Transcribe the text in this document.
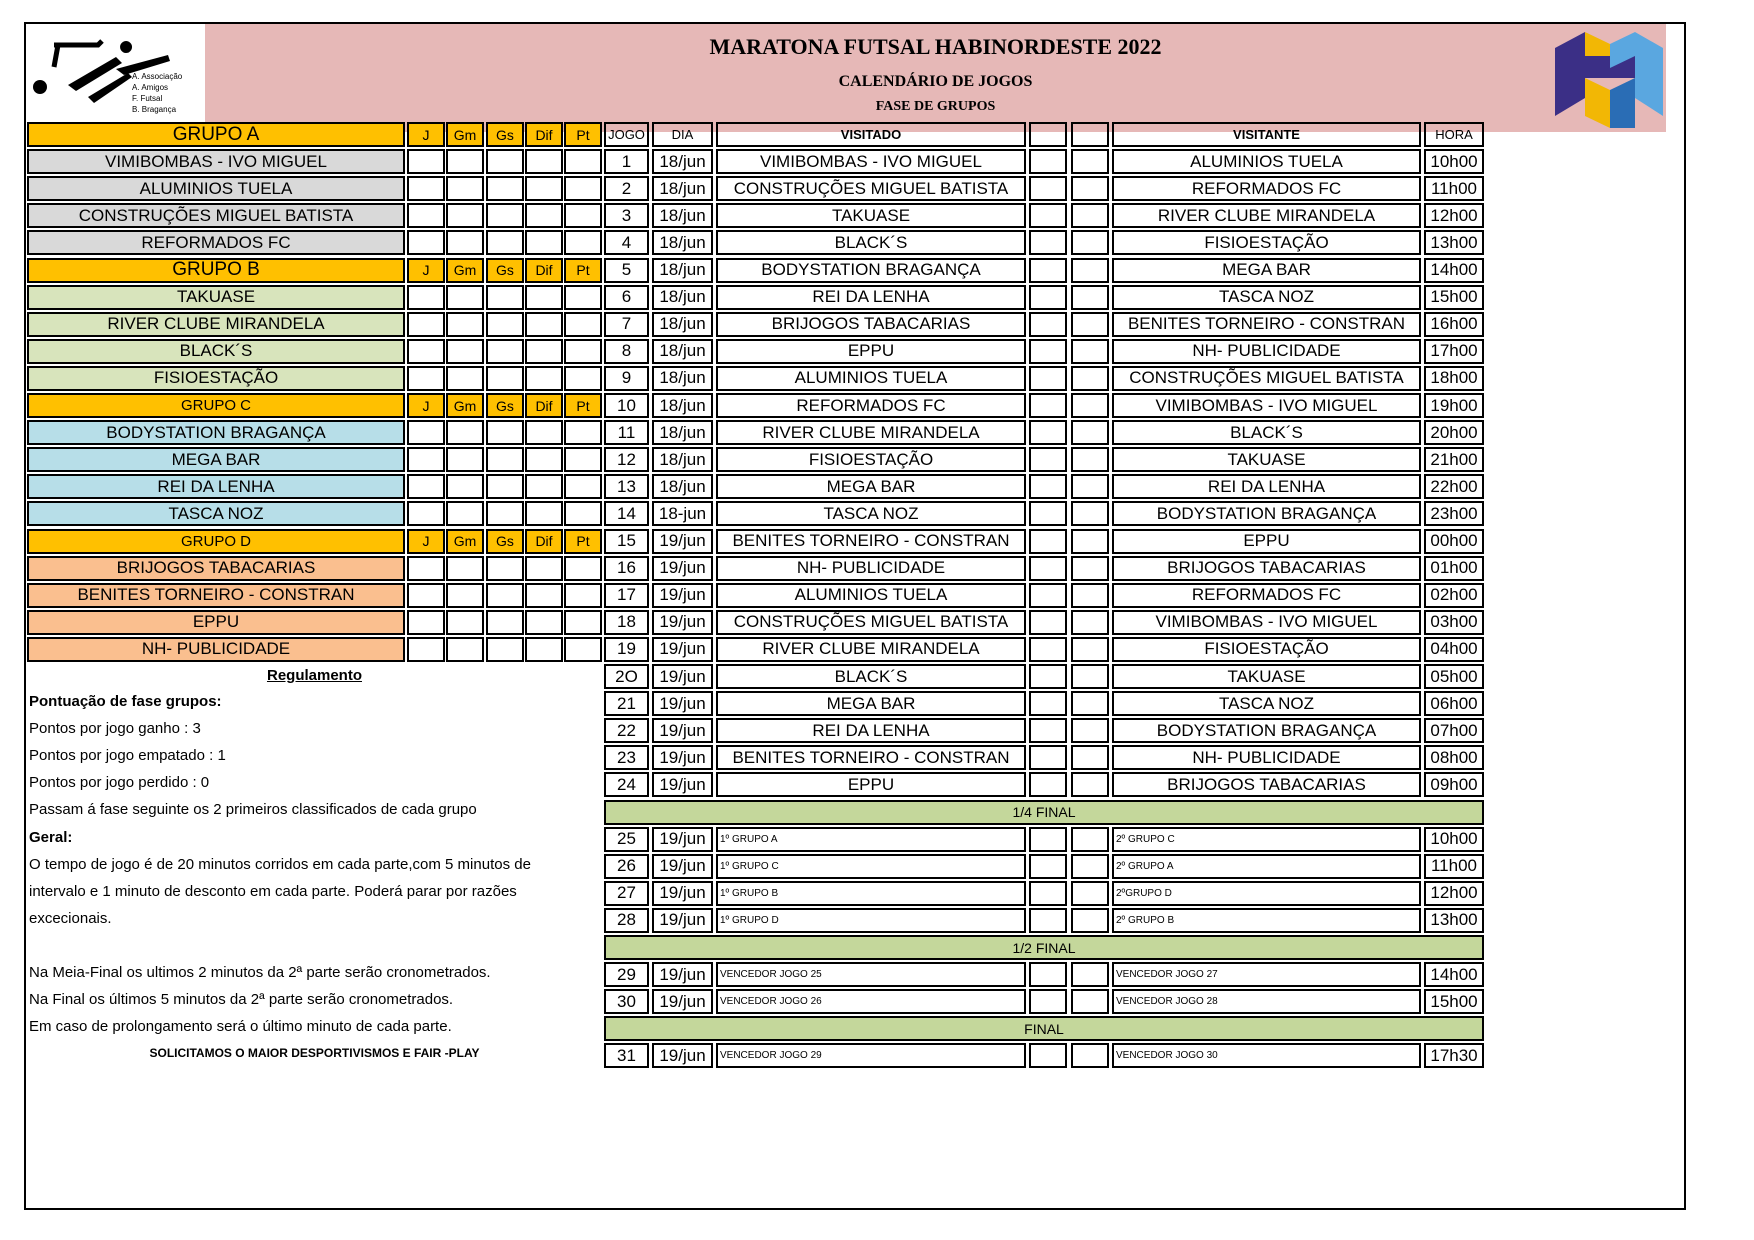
A. Associação
A. Amigos
F. Futsal
B. Bragança
MARATONA FUTSAL HABINORDESTE 2022
CALENDÁRIO DE JOGOS
FASE DE GRUPOS
GRUPO A	J	Gm	Gs	Dif	Pt
VIMIBOMBAS - IVO MIGUEL
ALUMINIOS TUELA
CONSTRUÇÕES MIGUEL BATISTA
REFORMADOS FC
GRUPO B	J	Gm	Gs	Dif	Pt
TAKUASE
RIVER CLUBE MIRANDELA
BLACK´S
FISIOESTAÇÃO
GRUPO C	J	Gm	Gs	Dif	Pt
BODYSTATION BRAGANÇA
MEGA BAR
REI DA LENHA
TASCA NOZ
GRUPO D	J	Gm	Gs	Dif	Pt
BRIJOGOS TABACARIAS
BENITES TORNEIRO - CONSTRAN
EPPU
NH- PUBLICIDADE
JOGO	DIA	VISITADO	VISITANTE	HORA
1	18/jun	VIMIBOMBAS - IVO MIGUEL	ALUMINIOS TUELA	10h00
2	18/jun	CONSTRUÇÕES MIGUEL BATISTA	REFORMADOS FC	11h00
3	18/jun	TAKUASE	RIVER CLUBE MIRANDELA	12h00
4	18/jun	BLACK´S	FISIOESTAÇÃO	13h00
5	18/jun	BODYSTATION BRAGANÇA	MEGA BAR	14h00
6	18/jun	REI DA LENHA	TASCA NOZ	15h00
7	18/jun	BRIJOGOS TABACARIAS	BENITES TORNEIRO - CONSTRAN	16h00
8	18/jun	EPPU	NH- PUBLICIDADE	17h00
9	18/jun	ALUMINIOS TUELA	CONSTRUÇÕES MIGUEL BATISTA	18h00
10	18/jun	REFORMADOS FC	VIMIBOMBAS - IVO MIGUEL	19h00
11	18/jun	RIVER CLUBE MIRANDELA	BLACK´S	20h00
12	18/jun	FISIOESTAÇÃO	TAKUASE	21h00
13	18/jun	MEGA BAR	REI DA LENHA	22h00
14	18-jun	TASCA NOZ	BODYSTATION BRAGANÇA	23h00
15	19/jun	BENITES TORNEIRO - CONSTRAN	EPPU	00h00
16	19/jun	NH- PUBLICIDADE	BRIJOGOS TABACARIAS	01h00
17	19/jun	ALUMINIOS TUELA	REFORMADOS FC	02h00
18	19/jun	CONSTRUÇÕES MIGUEL BATISTA	VIMIBOMBAS - IVO MIGUEL	03h00
19	19/jun	RIVER CLUBE MIRANDELA	FISIOESTAÇÃO	04h00
2O	19/jun	BLACK´S	TAKUASE	05h00
21	19/jun	MEGA BAR	TASCA NOZ	06h00
22	19/jun	REI DA LENHA	BODYSTATION BRAGANÇA	07h00
23	19/jun	BENITES TORNEIRO - CONSTRAN	NH- PUBLICIDADE	08h00
24	19/jun	EPPU	BRIJOGOS TABACARIAS	09h00
1/4 FINAL
25	19/jun	1º GRUPO A	2º GRUPO C	10h00
26	19/jun	1º GRUPO C	2º GRUPO A	11h00
27	19/jun	1º GRUPO B	2ºGRUPO D	12h00
28	19/jun	1º GRUPO D	2º GRUPO B	13h00
1/2 FINAL
29	19/jun	VENCEDOR JOGO 25	VENCEDOR JOGO 27	14h00
30	19/jun	VENCEDOR JOGO 26	VENCEDOR JOGO 28	15h00
FINAL
31	19/jun	VENCEDOR JOGO 29	VENCEDOR JOGO 30	17h30
Regulamento
Pontuação de fase grupos:
Pontos por jogo ganho : 3
Pontos por jogo empatado : 1
Pontos por jogo perdido : 0
Passam á fase seguinte os 2 primeiros classificados de cada grupo
Geral:
O tempo de jogo é de 20 minutos corridos em cada parte,com 5 minutos de
intervalo e 1 minuto de desconto em cada parte. Poderá parar por razões
excecionais.
Na Meia-Final os ultimos 2 minutos da 2ª parte serão cronometrados.
Na Final os últimos 5 minutos da 2ª parte serão cronometrados.
Em caso de prolongamento será o último minuto de cada parte.
SOLICITAMOS O MAIOR DESPORTIVISMOS E FAIR -PLAY
